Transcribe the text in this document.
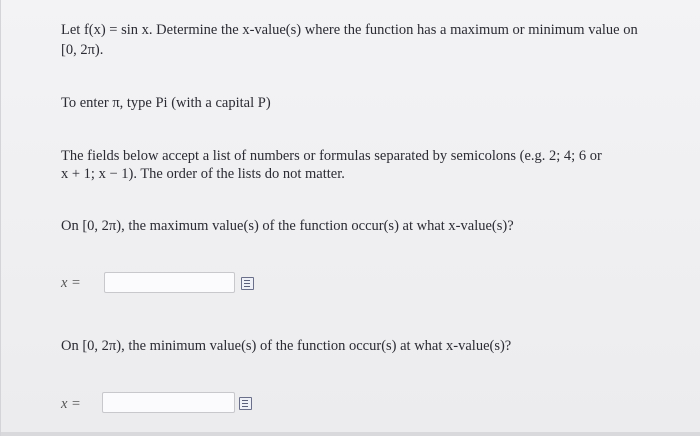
Let f(x) = sin x. Determine the x-value(s) where the function has a maximum or minimum value on
[0, 2π).
To enter π, type Pi (with a capital P)
The fields below accept a list of numbers or formulas separated by semicolons (e.g. 2; 4; 6 or
x + 1; x − 1). The order of the lists do not matter.
On [0, 2π), the maximum value(s) of the function occur(s) at what x-value(s)?
x =
On [0, 2π), the minimum value(s) of the function occur(s) at what x-value(s)?
x =
